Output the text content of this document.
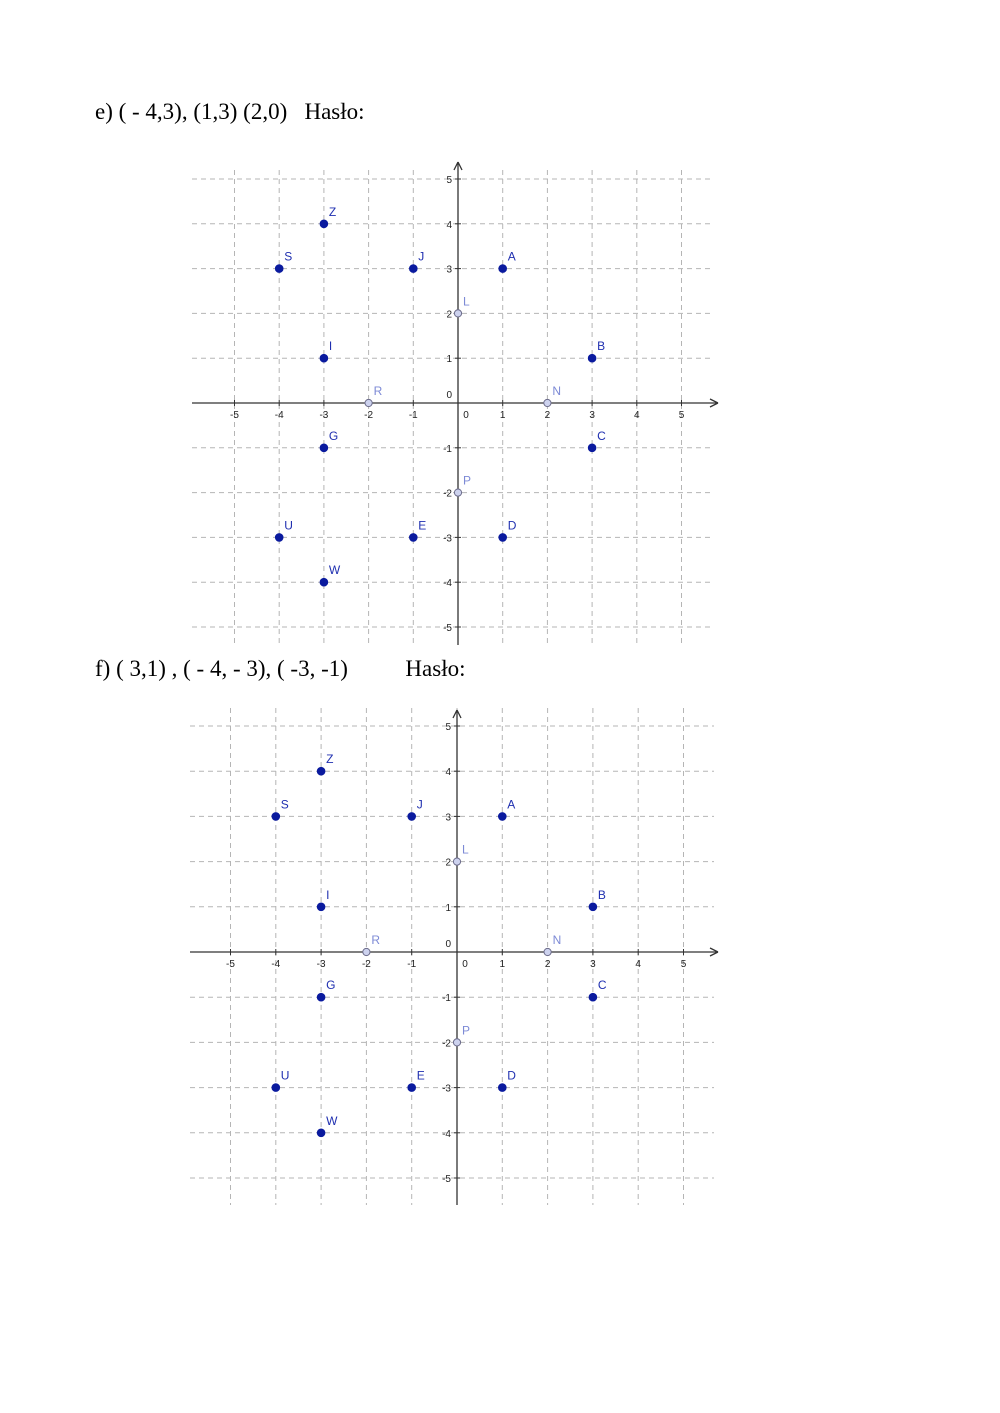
e) ( - 4,3), (1,3) (2,0) Hasło:
-5
-5
-4
-4
-3
-3
-2
-2
-1
-1
1
1
2
2
3
3
4
4
5
5
0
0
Z
S	J	A
L
I	B
R	N
G	C
P
U	E	D
W
f) ( 3,1) , ( - 4, - 3), ( -3, -1)	Hasło:
-5
-5
-4
-4
-3
-3
-2
-2
-1
-1
1
1
2
2
3
3
4
4
5
5
0
0
Z
S	J	A
L
I	B
R	N
G	C
P
U	E	D
W
